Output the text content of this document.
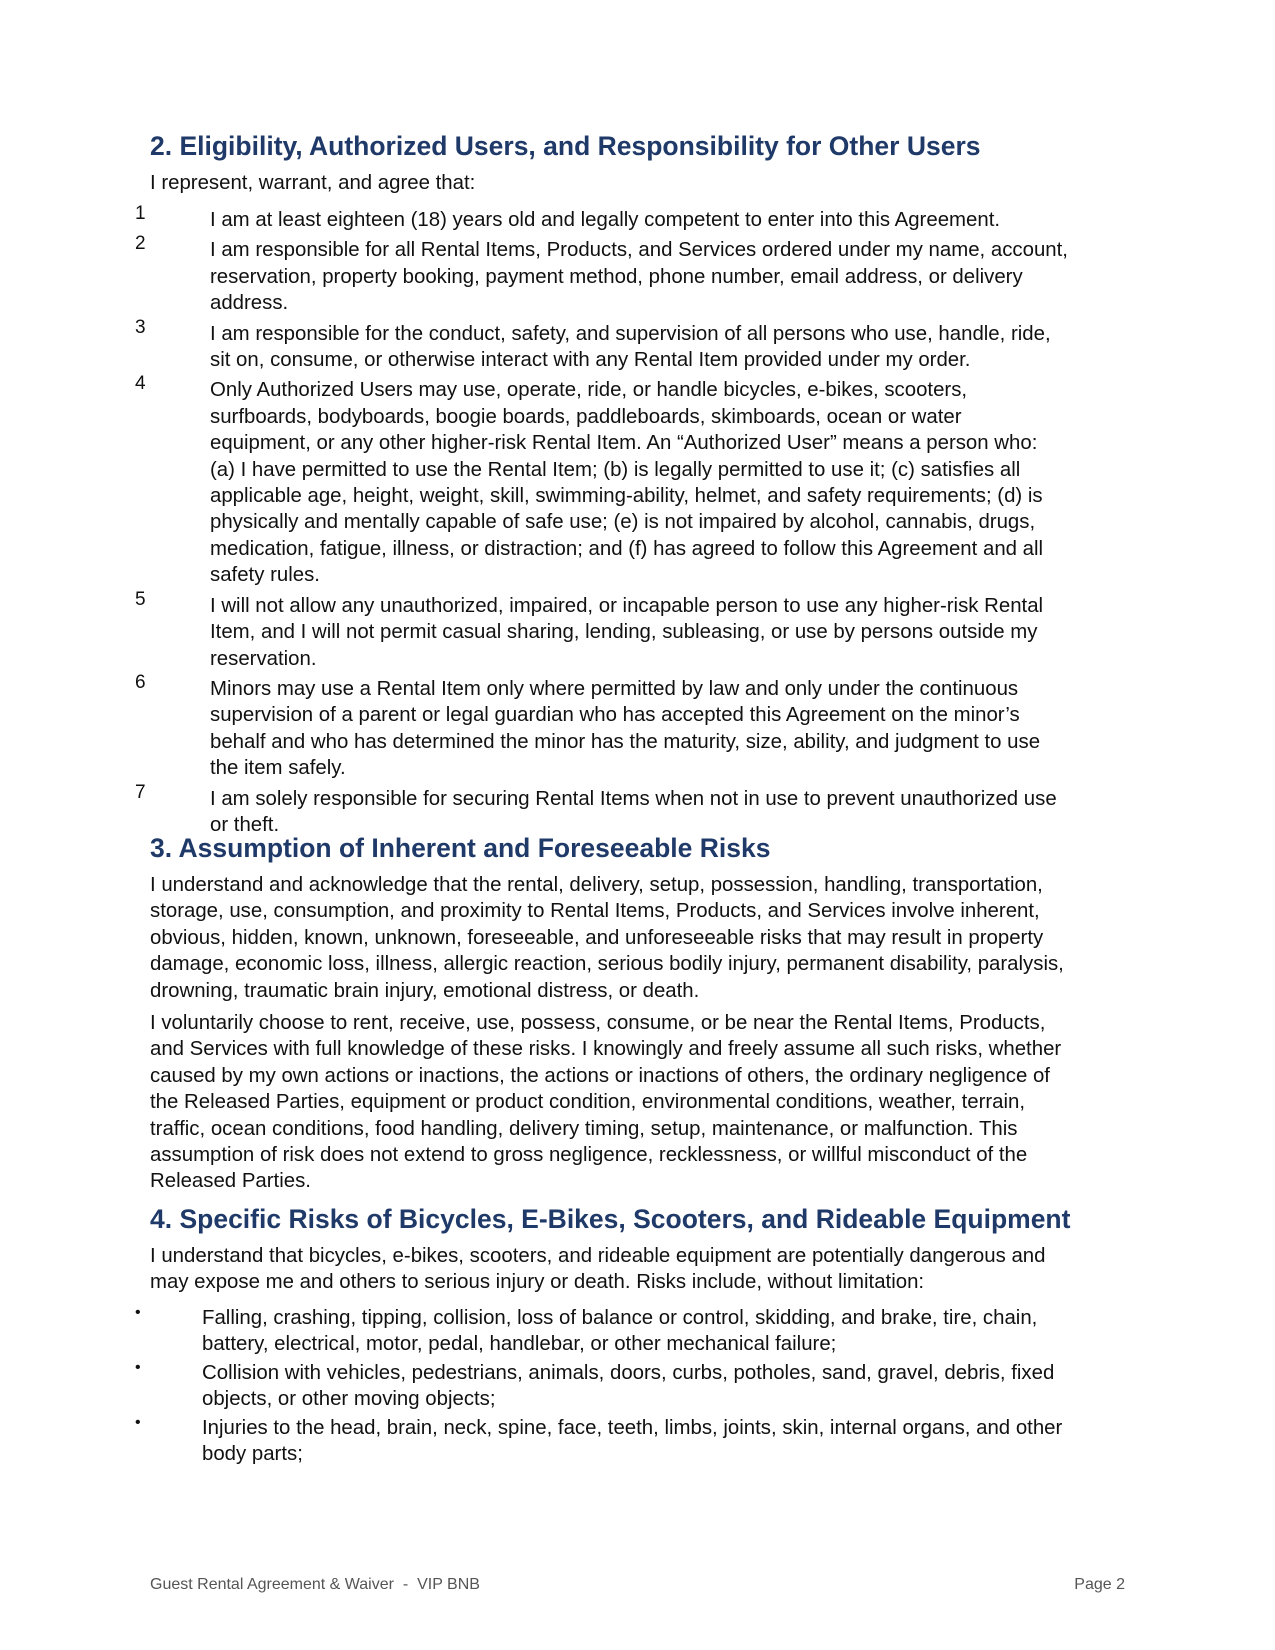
2. Eligibility, Authorized Users, and Responsibility for Other Users

I represent, warrant, and agree that:

1	I am at least eighteen (18) years old and legally competent to enter into this Agreement.
2	I am responsible for all Rental Items, Products, and Services ordered under my name, account,
reservation, property booking, payment method, phone number, email address, or delivery
address.
3	I am responsible for the conduct, safety, and supervision of all persons who use, handle, ride,
sit on, consume, or otherwise interact with any Rental Item provided under my order.
4	Only Authorized Users may use, operate, ride, or handle bicycles, e-bikes, scooters,
surfboards, bodyboards, boogie boards, paddleboards, skimboards, ocean or water
equipment, or any other higher-risk Rental Item. An “Authorized User” means a person who:
(a) I have permitted to use the Rental Item; (b) is legally permitted to use it; (c) satisfies all
applicable age, height, weight, skill, swimming-ability, helmet, and safety requirements; (d) is
physically and mentally capable of safe use; (e) is not impaired by alcohol, cannabis, drugs,
medication, fatigue, illness, or distraction; and (f) has agreed to follow this Agreement and all
safety rules.
5	I will not allow any unauthorized, impaired, or incapable person to use any higher-risk Rental
Item, and I will not permit casual sharing, lending, subleasing, or use by persons outside my
reservation.
6	Minors may use a Rental Item only where permitted by law and only under the continuous
supervision of a parent or legal guardian who has accepted this Agreement on the minor’s
behalf and who has determined the minor has the maturity, size, ability, and judgment to use
the item safely.
7	I am solely responsible for securing Rental Items when not in use to prevent unauthorized use
or theft.
3. Assumption of Inherent and Foreseeable Risks

I understand and acknowledge that the rental, delivery, setup, possession, handling, transportation,

storage, use, consumption, and proximity to Rental Items, Products, and Services involve inherent,

obvious, hidden, known, unknown, foreseeable, and unforeseeable risks that may result in property

damage, economic loss, illness, allergic reaction, serious bodily injury, permanent disability, paralysis,

drowning, traumatic brain injury, emotional distress, or death.

I voluntarily choose to rent, receive, use, possess, consume, or be near the Rental Items, Products,

and Services with full knowledge of these risks. I knowingly and freely assume all such risks, whether

caused by my own actions or inactions, the actions or inactions of others, the ordinary negligence of

the Released Parties, equipment or product condition, environmental conditions, weather, terrain,

traffic, ocean conditions, food handling, delivery timing, setup, maintenance, or malfunction. This

assumption of risk does not extend to gross negligence, recklessness, or willful misconduct of the

Released Parties.

4. Specific Risks of Bicycles, E-Bikes, Scooters, and Rideable Equipment

I understand that bicycles, e-bikes, scooters, and rideable equipment are potentially dangerous and

may expose me and others to serious injury or death. Risks include, without limitation:

•	Falling, crashing, tipping, collision, loss of balance or control, skidding, and brake, tire, chain,
battery, electrical, motor, pedal, handlebar, or other mechanical failure;
•	Collision with vehicles, pedestrians, animals, doors, curbs, potholes, sand, gravel, debris, fixed
objects, or other moving objects;
•	Injuries to the head, brain, neck, spine, face, teeth, limbs, joints, skin, internal organs, and other
body parts;
Guest Rental Agreement & Waiver  -  VIP BNB	Page 2
